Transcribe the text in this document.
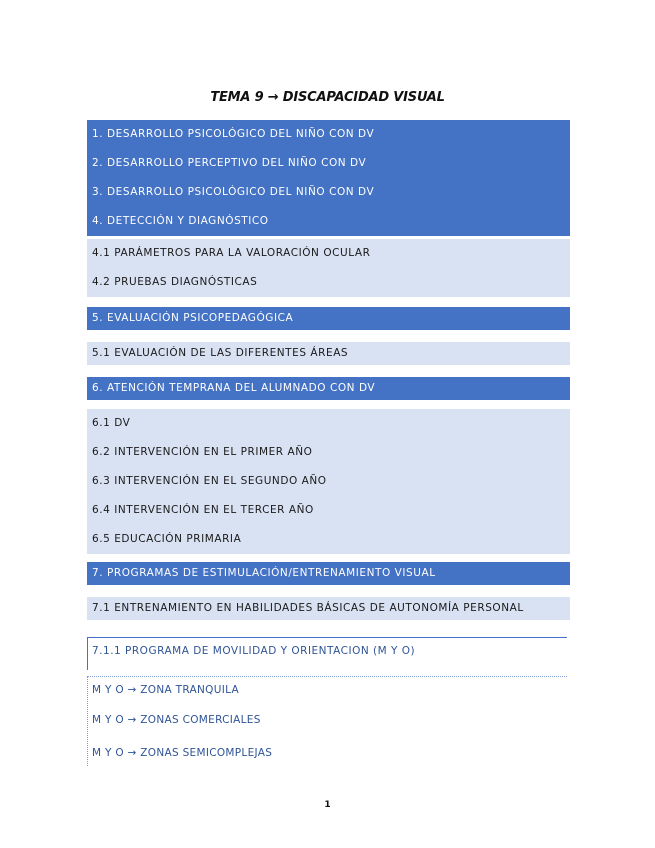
TEMA 9 → DISCAPACIDAD VISUAL
1. DESARROLLO PSICOLÓGICO DEL NIÑO CON DV
2. DESARROLLO PERCEPTIVO DEL NIÑO CON DV
3. DESARROLLO PSICOLÓGICO DEL NIÑO CON DV
4. DETECCIÓN Y DIAGNÓSTICO
4.1 PARÁMETROS PARA LA VALORACIÓN OCULAR
4.2 PRUEBAS DIAGNÓSTICAS
5. EVALUACIÓN PSICOPEDAGÓGICA
5.1 EVALUACIÓN DE LAS DIFERENTES ÁREAS
6. ATENCIÓN TEMPRANA DEL ALUMNADO CON DV
6.1 DV
6.2 INTERVENCIÓN EN EL PRIMER AÑO
6.3 INTERVENCIÓN EN EL SEGUNDO AÑO
6.4 INTERVENCIÓN EN EL TERCER AÑO
6.5 EDUCACIÓN PRIMARIA
7. PROGRAMAS DE ESTIMULACIÓN/ENTRENAMIENTO VISUAL
7.1 ENTRENAMIENTO EN HABILIDADES BÁSICAS DE AUTONOMÍA PERSONAL
7.1.1 PROGRAMA DE MOVILIDAD Y ORIENTACION (M Y O)
M Y O → ZONA TRANQUILA
M Y O → ZONAS COMERCIALES
M Y O → ZONAS SEMICOMPLEJAS
1
